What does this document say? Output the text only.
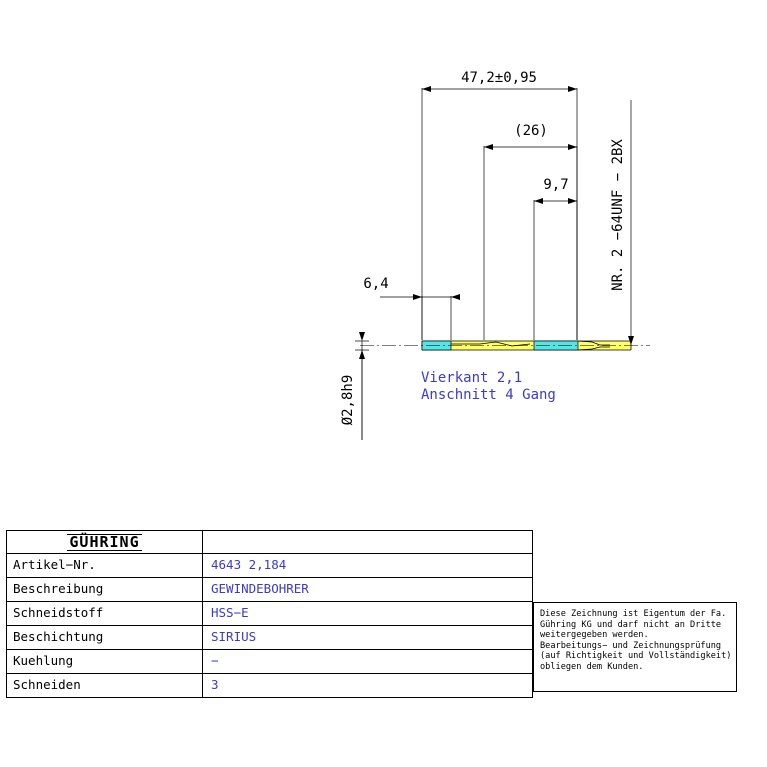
47,2±0,95
(26)
9,7
6,4
Ø2,8h9
NR. 2 −64UNF − 2BX
Vierkant 2,1
Anschnitt 4 Gang
GÜHRING
Artikel−Nr.	4643 2,184
Beschreibung	GEWINDEBOHRER
Schneidstoff	HSS−E
Beschichtung	SIRIUS
Kuehlung	−
Schneiden	3
Diese Zeichnung ist Eigentum der Fa.
Gühring KG und darf nicht an Dritte
weitergegeben werden.
Bearbeitungs− und Zeichnungsprüfung
(auf Richtigkeit und Vollständigkeit)
obliegen dem Kunden.
